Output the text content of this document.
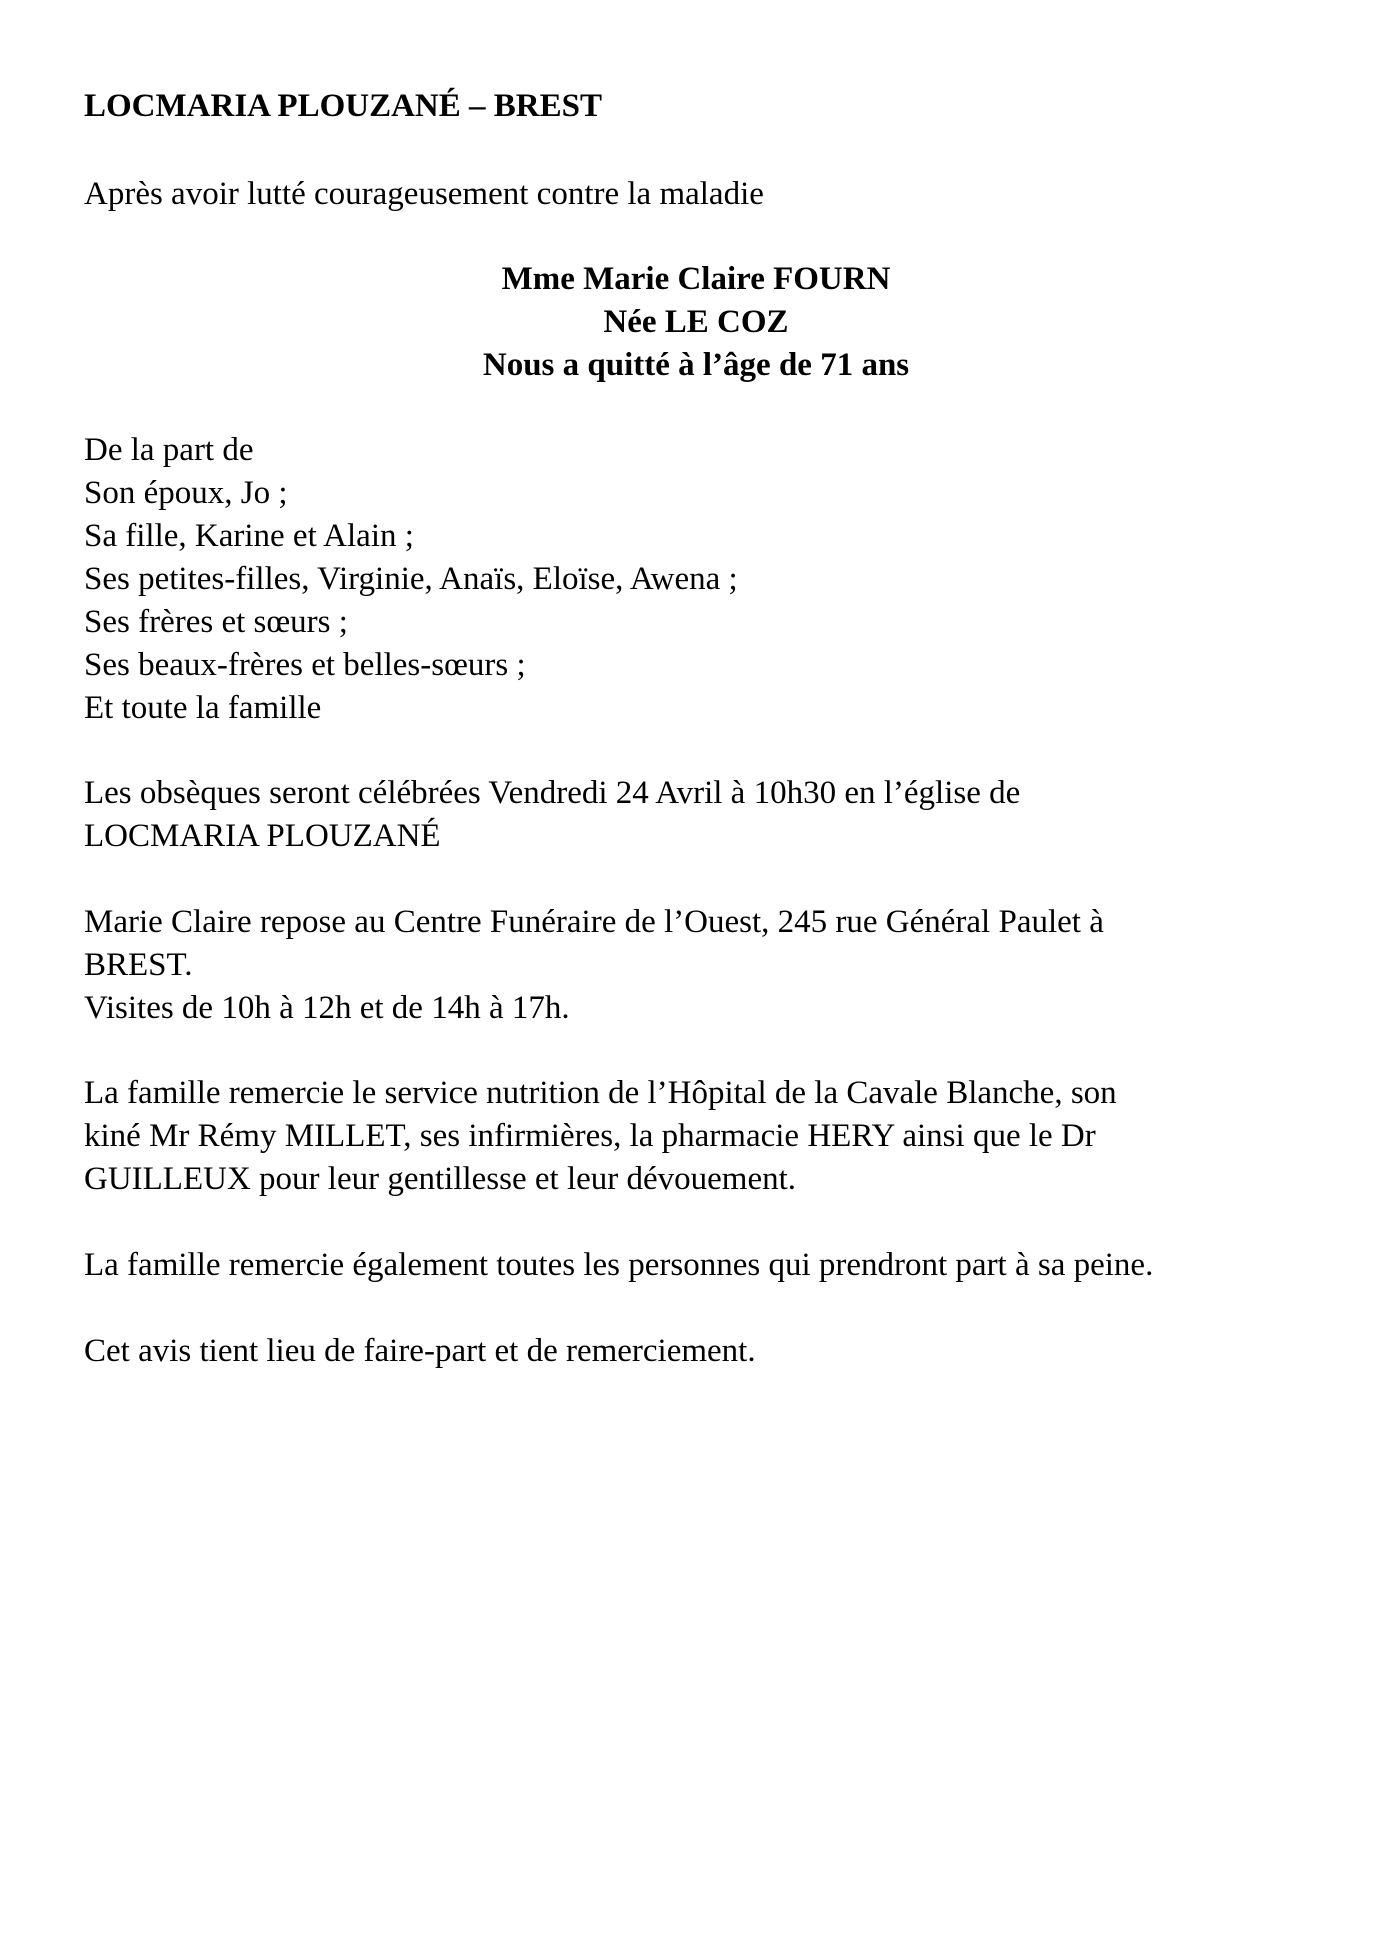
LOCMARIA PLOUZANÉ – BREST
Après avoir lutté courageusement contre la maladie
Mme Marie Claire FOURN
Née LE COZ
Nous a quitté à l’âge de 71 ans
De la part de
Son époux, Jo ;
Sa fille, Karine et Alain ;
Ses petites-filles, Virginie, Anaïs, Eloïse, Awena ;
Ses frères et sœurs ;
Ses beaux-frères et belles-sœurs ;
Et toute la famille
Les obsèques seront célébrées Vendredi 24 Avril à 10h30 en l’église de
LOCMARIA PLOUZANÉ
Marie Claire repose au Centre Funéraire de l’Ouest, 245 rue Général Paulet à
BREST.
Visites de 10h à 12h et de 14h à 17h.
La famille remercie le service nutrition de l’Hôpital de la Cavale Blanche, son
kiné Mr Rémy MILLET, ses infirmières, la pharmacie HERY ainsi que le Dr
GUILLEUX pour leur gentillesse et leur dévouement.
La famille remercie également toutes les personnes qui prendront part à sa peine.
Cet avis tient lieu de faire-part et de remerciement.
